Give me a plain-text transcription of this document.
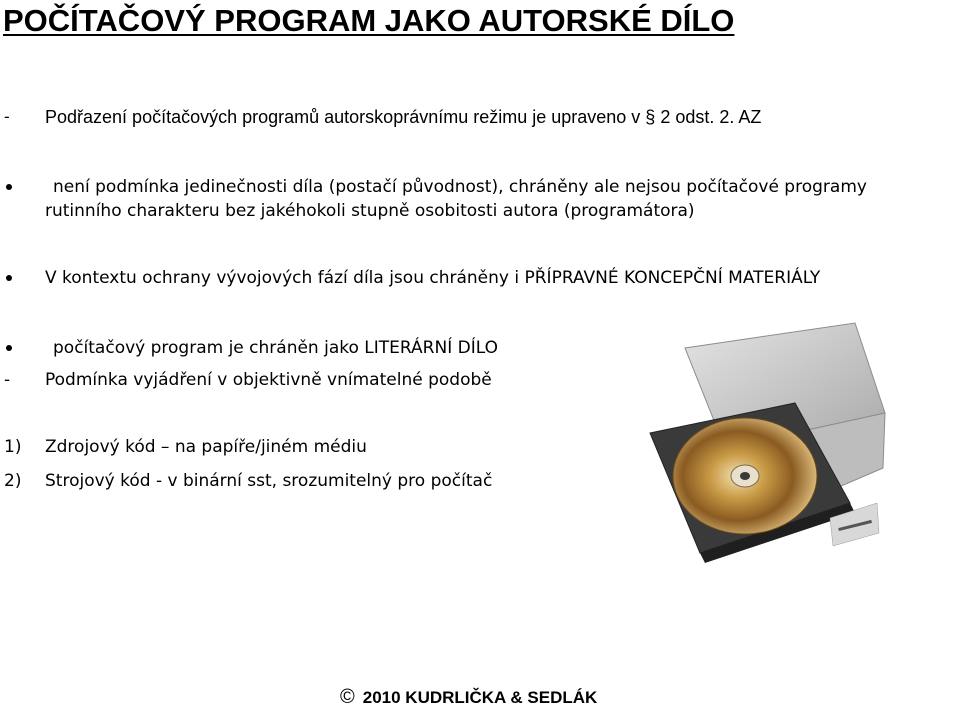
POČÍTAČOVÝ PROGRAM JAKO AUTORSKÉ DÍLO
- Podřazení počítačových programů autorskoprávnímu režimu je upraveno v § 2 odst. 2. AZ
není podmínka jedinečnosti díla (postačí původnost), chráněny ale nejsou počítačové programy
rutinního charakteru bez jakéhokoli stupně osobitosti autora (programátora)
V kontextu ochrany vývojových fází díla jsou chráněny i PŘÍPRAVNÉ KONCEPČNÍ MATERIÁLY
počítačový program je chráněn jako LITERÁRNÍ DÍLO
- Podmínka vyjádření v objektivně vnímatelné podobě
1) Zdrojový kód – na papíře/jiném médiu
2) Strojový kód - v binární sst, srozumitelný pro počítač
© 2010 KUDRLIČKA & SEDLÁK
